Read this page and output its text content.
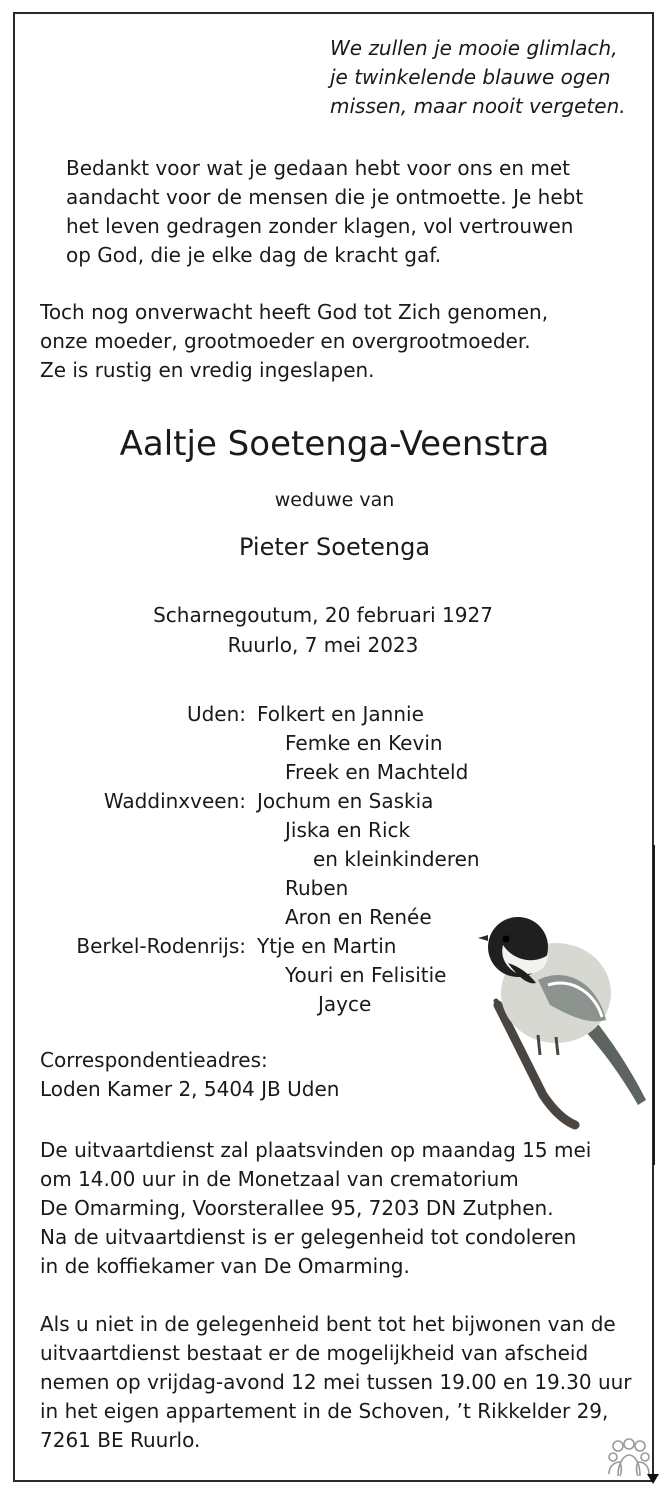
We zullen je mooie glimlach,
je twinkelende blauwe ogen
missen, maar nooit vergeten.
Bedankt voor wat je gedaan hebt voor ons en met
aandacht voor de mensen die je ontmoette. Je hebt
het leven gedragen zonder klagen, vol vertrouwen
op God, die je elke dag de kracht gaf.
Toch nog onverwacht heeft God tot Zich genomen,
onze moeder, grootmoeder en overgrootmoeder.
Ze is rustig en vredig ingeslapen.
Aaltje Soetenga-Veenstra
weduwe van
Pieter Soetenga
Scharnegoutum, 20 februari 1927
Ruurlo, 7 mei 2023
Uden: Folkert en Jannie
Femke en Kevin
Freek en Machteld
Waddinxveen: Jochum en Saskia
Jiska en Rick
en kleinkinderen
Ruben
Aron en Renée
Berkel-Rodenrijs: Ytje en Martin
Youri en Felisitie
Jayce
Correspondentieadres:
Loden Kamer 2, 5404 JB Uden
De uitvaartdienst zal plaatsvinden op maandag 15 mei
om 14.00 uur in de Monetzaal van crematorium
De Omarming, Voorsterallee 95, 7203 DN Zutphen.
Na de uitvaartdienst is er gelegenheid tot condoleren
in de koffiekamer van De Omarming.
Als u niet in de gelegenheid bent tot het bijwonen van de
uitvaartdienst bestaat er de mogelijkheid van afscheid
nemen op vrijdag-avond 12 mei tussen 19.00 en 19.30 uur
in het eigen appartement in de Schoven, ’t Rikkelder 29,
7261 BE Ruurlo.
